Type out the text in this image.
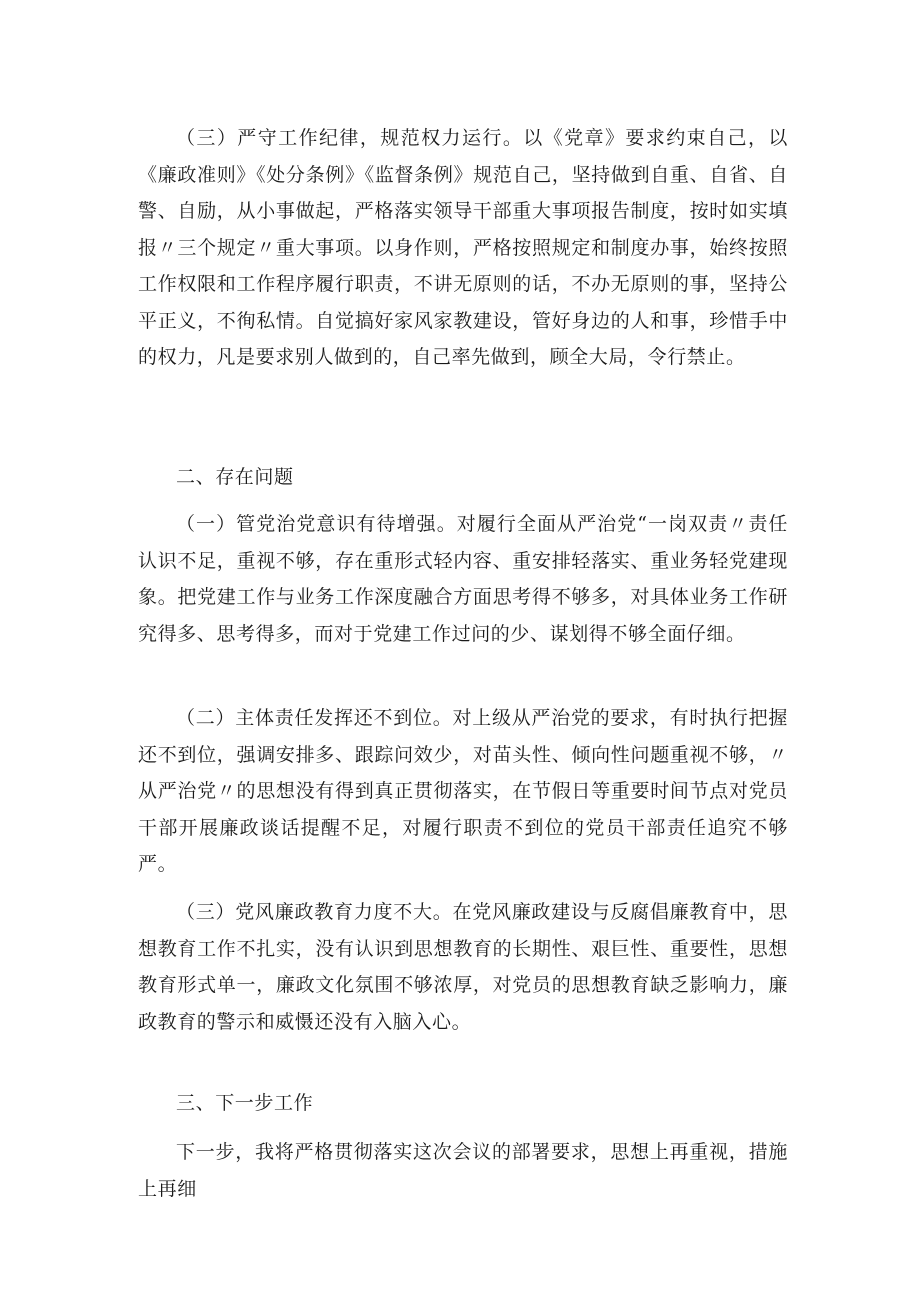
（三）严守工作纪律，规范权力运行。以《党章》要求约束自己，以《廉政准则》《处分条例》《监督条例》规范自己，坚持做到自重、自省、自警、自励，从小事做起，严格落实领导干部重大事项报告制度，按时如实填报〃三个规定〃重大事项。以身作则，严格按照规定和制度办事，始终按照工作权限和工作程序履行职责，不讲无原则的话，不办无原则的事，坚持公平正义，不徇私情。自觉搞好家风家教建设，管好身边的人和事，珍惜手中的权力，凡是要求别人做到的，自己率先做到，顾全大局，令行禁止。

二、存在问题

（一）管党治党意识有待增强。对履行全面从严治党“一岗双责〃责任认识不足，重视不够，存在重形式轻内容、重安排轻落实、重业务轻党建现象。把党建工作与业务工作深度融合方面思考得不够多，对具体业务工作研究得多、思考得多，而对于党建工作过问的少、谋划得不够全面仔细。

（二）主体责任发挥还不到位。对上级从严治党的要求，有时执行把握还不到位，强调安排多、跟踪问效少，对苗头性、倾向性问题重视不够，〃从严治党〃的思想没有得到真正贯彻落实，在节假日等重要时间节点对党员干部开展廉政谈话提醒不足，对履行职责不到位的党员干部责任追究不够严。

（三）党风廉政教育力度不大。在党风廉政建设与反腐倡廉教育中，思想教育工作不扎实，没有认识到思想教育的长期性、艰巨性、重要性，思想教育形式单一，廉政文化氛围不够浓厚，对党员的思想教育缺乏影响力，廉政教育的警示和威慑还没有入脑入心。

三、下一步工作

下一步，我将严格贯彻落实这次会议的部署要求，思想上再重视，措施上再细
